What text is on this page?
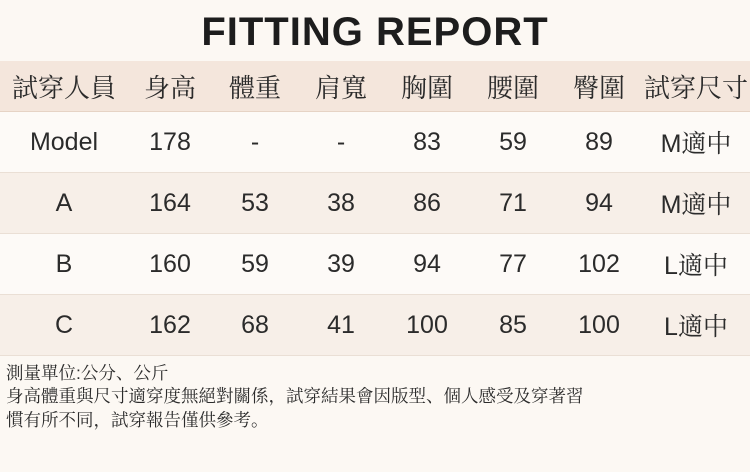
FITTING REPORT
試穿人員	身高	體重	肩寬	胸圍	腰圍	臀圍	試穿尺寸
Model	178	-	-	83	59	89	M適中
A	164	53	38	86	71	94	M適中
B	160	59	39	94	77	102	L適中
C	162	68	41	100	85	100	L適中
測量單位:公分、公斤
身高體重與尺寸適穿度無絕對關係，試穿結果會因版型、個人感受及穿著習
慣有所不同，試穿報告僅供參考。
